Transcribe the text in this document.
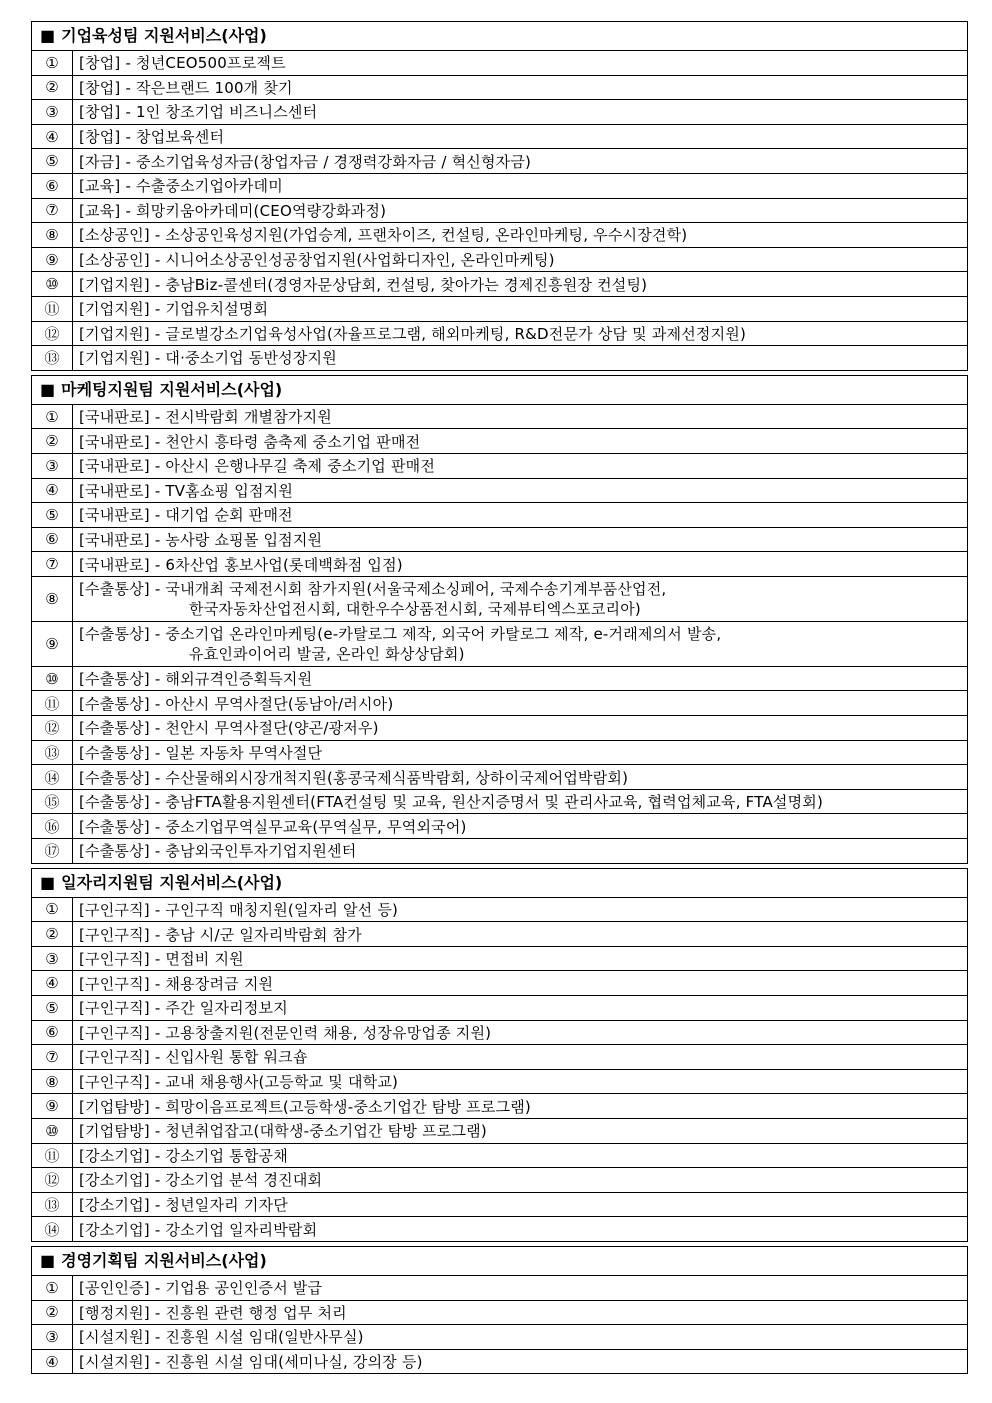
■ 기업육성팀 지원서비스(사업)	
①	[창업] - 청년CEO500프로젝트
②	[창업] - 작은브랜드 100개 찾기
③	[창업] - 1인 창조기업 비즈니스센터
④	[창업] - 창업보육센터
⑤	[자금] - 중소기업육성자금(창업자금 / 경쟁력강화자금 / 혁신형자금)
⑥	[교육] - 수출중소기업아카데미
⑦	[교육] - 희망키움아카데미(CEO역량강화과정)
⑧	[소상공인] - 소상공인육성지원(가업승계, 프랜차이즈, 컨설팅, 온라인마케팅, 우수시장견학)
⑨	[소상공인] - 시니어소상공인성공창업지원(사업화디자인, 온라인마케팅)
⑩	[기업지원] - 충남Biz-콜센터(경영자문상담회, 컨설팅, 찾아가는 경제진흥원장 컨설팅)
⑪	[기업지원] - 기업유치설명회
⑫	[기업지원] - 글로벌강소기업육성사업(자율프로그램, 해외마케팅, R&D전문가 상담 및 과제선정지원)
⑬	[기업지원] - 대·중소기업 동반성장지원
■ 마케팅지원팀 지원서비스(사업)	
①	[국내판로] - 전시박람회 개별참가지원
②	[국내판로] - 천안시 흥타령 춤축제 중소기업 판매전
③	[국내판로] - 아산시 은행나무길 축제 중소기업 판매전
④	[국내판로] - TV홈쇼핑 입점지원
⑤	[국내판로] - 대기업 순회 판매전
⑥	[국내판로] - 농사랑 쇼핑몰 입점지원
⑦	[국내판로] - 6차산업 홍보사업(롯데백화점 입점)
⑧	[수출통상] - 국내개최 국제전시회 참가지원(서울국제소싱페어, 국제수송기계부품산업전,
한국자동차산업전시회, 대한우수상품전시회, 국제뷰티엑스포코리아)

⑨	[수출통상] - 중소기업 온라인마케팅(e-카탈로그 제작, 외국어 카탈로그 제작, e-거래제의서 발송,
유효인콰이어리 발굴, 온라인 화상상담회)

⑩	[수출통상] - 해외규격인증획득지원
⑪	[수출통상] - 아산시 무역사절단(동남아/러시아)
⑫	[수출통상] - 천안시 무역사절단(양곤/광저우)
⑬	[수출통상] - 일본 자동차 무역사절단
⑭	[수출통상] - 수산물해외시장개척지원(홍콩국제식품박람회, 상하이국제어업박람회)
⑮	[수출통상] - 충남FTA활용지원센터(FTA컨설팅 및 교육, 원산지증명서 및 관리사교육, 협력업체교육, FTA설명회)
⑯	[수출통상] - 중소기업무역실무교육(무역실무, 무역외국어)
⑰	[수출통상] - 충남외국인투자기업지원센터
■ 일자리지원팀 지원서비스(사업)	
①	[구인구직] - 구인구직 매칭지원(일자리 알선 등)
②	[구인구직] - 충남 시/군 일자리박람회 참가
③	[구인구직] - 면접비 지원
④	[구인구직] - 채용장려금 지원
⑤	[구인구직] - 주간 일자리정보지
⑥	[구인구직] - 고용창출지원(전문인력 채용, 성장유망업종 지원)
⑦	[구인구직] - 신입사원 통합 워크숍
⑧	[구인구직] - 교내 채용행사(고등학교 및 대학교)
⑨	[기업탐방] - 희망이음프로젝트(고등학생-중소기업간 탐방 프로그램)
⑩	[기업탐방] - 청년취업잡고(대학생-중소기업간 탐방 프로그램)
⑪	[강소기업] - 강소기업 통합공채
⑫	[강소기업] - 강소기업 분석 경진대회
⑬	[강소기업] - 청년일자리 기자단
⑭	[강소기업] - 강소기업 일자리박람회
■ 경영기획팀 지원서비스(사업)	
①	[공인인증] - 기업용 공인인증서 발급
②	[행정지원] - 진흥원 관련 행정 업무 처리
③	[시설지원] - 진흥원 시설 임대(일반사무실)
④	[시설지원] - 진흥원 시설 임대(세미나실, 강의장 등)
